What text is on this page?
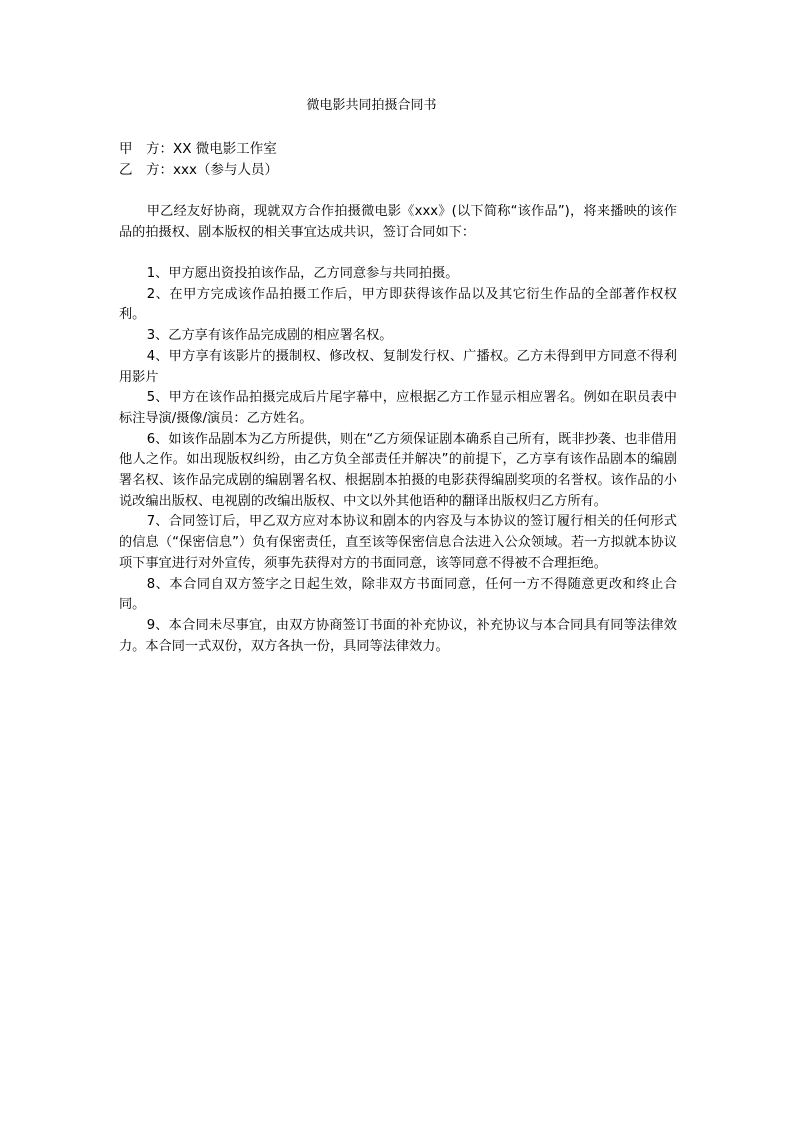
微电影共同拍摄合同书
甲　方：XX 微电影工作室
乙　方：xxx（参与人员）

甲乙经友好协商，现就双方合作拍摄微电影《xxx》(以下简称“该作品”)，将来播映的该作品的拍摄权、剧本版权的相关事宜达成共识，签订合同如下：

1、甲方愿出资投拍该作品，乙方同意参与共同拍摄。

2、在甲方完成该作品拍摄工作后，甲方即获得该作品以及其它衍生作品的全部著作权权利。

3、乙方享有该作品完成剧的相应署名权。

4、甲方享有该影片的摄制权、修改权、复制发行权、广播权。乙方未得到甲方同意不得利用影片

5、甲方在该作品拍摄完成后片尾字幕中，应根据乙方工作显示相应署名。例如在职员表中标注导演/摄像/演员：乙方姓名。

6、如该作品剧本为乙方所提供，则在“乙方须保证剧本确系自己所有，既非抄袭、也非借用他人之作。如出现版权纠纷，由乙方负全部责任并解决”的前提下，乙方享有该作品剧本的编剧署名权、该作品完成剧的编剧署名权、根据剧本拍摄的电影获得编剧奖项的名誉权。该作品的小说改编出版权、电视剧的改编出版权、中文以外其他语种的翻译出版权归乙方所有。

7、合同签订后，甲乙双方应对本协议和剧本的内容及与本协议的签订履行相关的任何形式的信息（“保密信息”）负有保密责任，直至该等保密信息合法进入公众领域。若一方拟就本协议项下事宜进行对外宣传，须事先获得对方的书面同意，该等同意不得被不合理拒绝。

8、本合同自双方签字之日起生效，除非双方书面同意，任何一方不得随意更改和终止合同。

9、本合同未尽事宜，由双方协商签订书面的补充协议，补充协议与本合同具有同等法律效力。本合同一式双份，双方各执一份，具同等法律效力。
